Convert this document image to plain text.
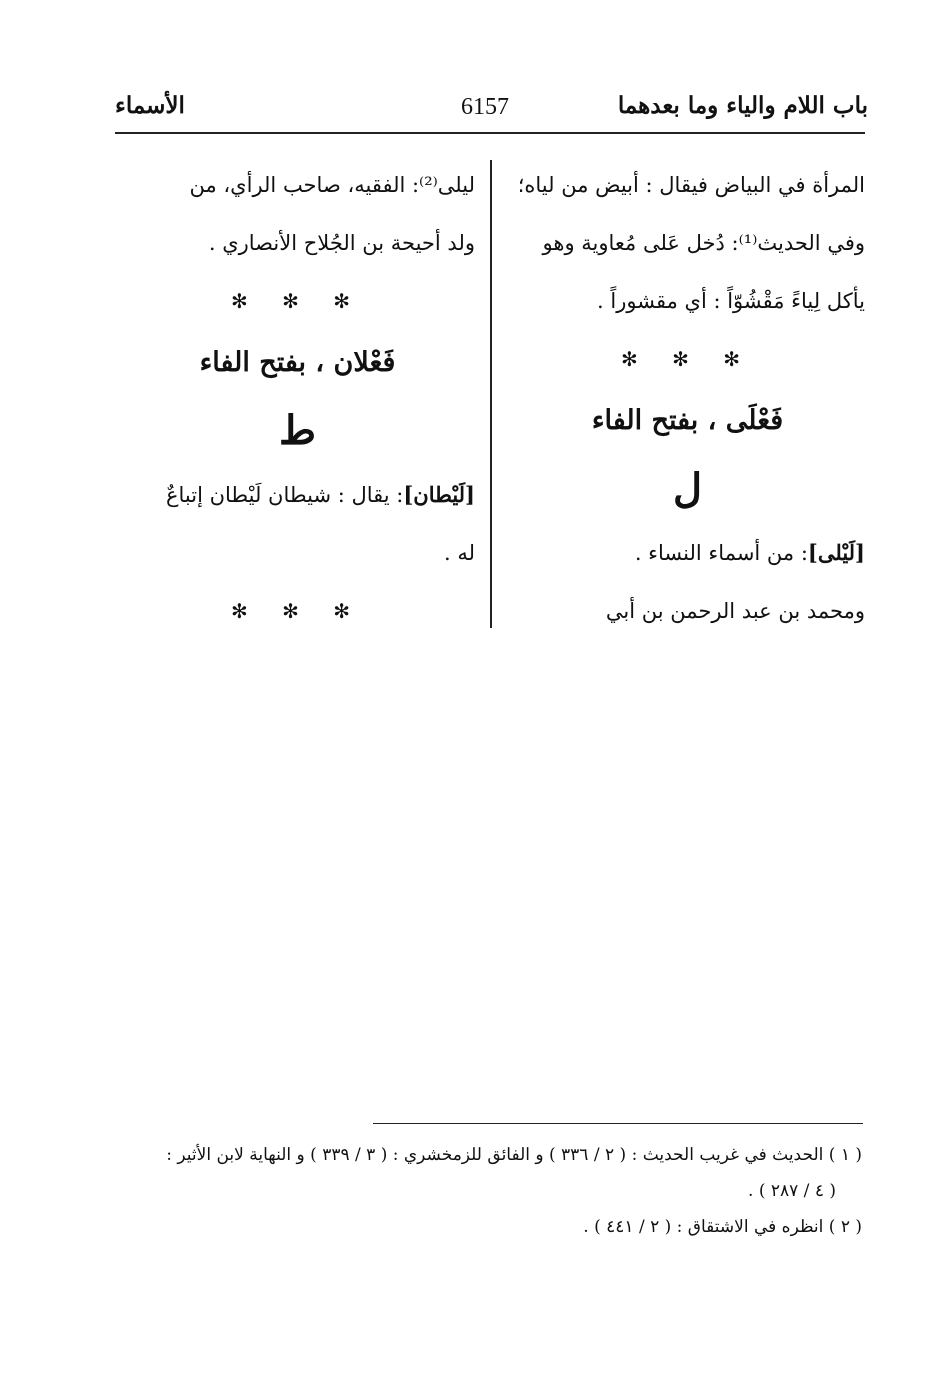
باب اللام والياء وما بعدهما
6157
الأسماء

المرأة في البياض فيقال : أبيض من لياه؛

وفي الحديث⁽¹⁾: دُخل عَلى مُعاوية وهو

يأكل لِياءً مَقْشُوّاً : أي مقشوراً .

✻ ✻ ✻

فَعْلَى ، بفتح الفاء

ل

[لَيْلى]: من أسماء النساء .

ومحمد بن عبد الرحمن بن أبي

ليلى⁽²⁾: الفقيه، صاحب الرأي، من

ولد أحيحة بن الجُلاح الأنصاري .

✻ ✻ ✻

فَعْلان ، بفتح الفاء

ط

[لَيْطان]: يقال : شيطان لَيْطان إتباعٌ

له .

✻ ✻ ✻

( ١ ) الحديث في غريب الحديث : ( ٢ / ٣٣٦ ) و الفائق للزمخشري : ( ٣ / ٣٣٩ ) و النهاية لابن الأثير :

( ٤ / ٢٨٧ ) .

( ٢ ) انظره في الاشتقاق : ( ٢ / ٤٤١ ) .
